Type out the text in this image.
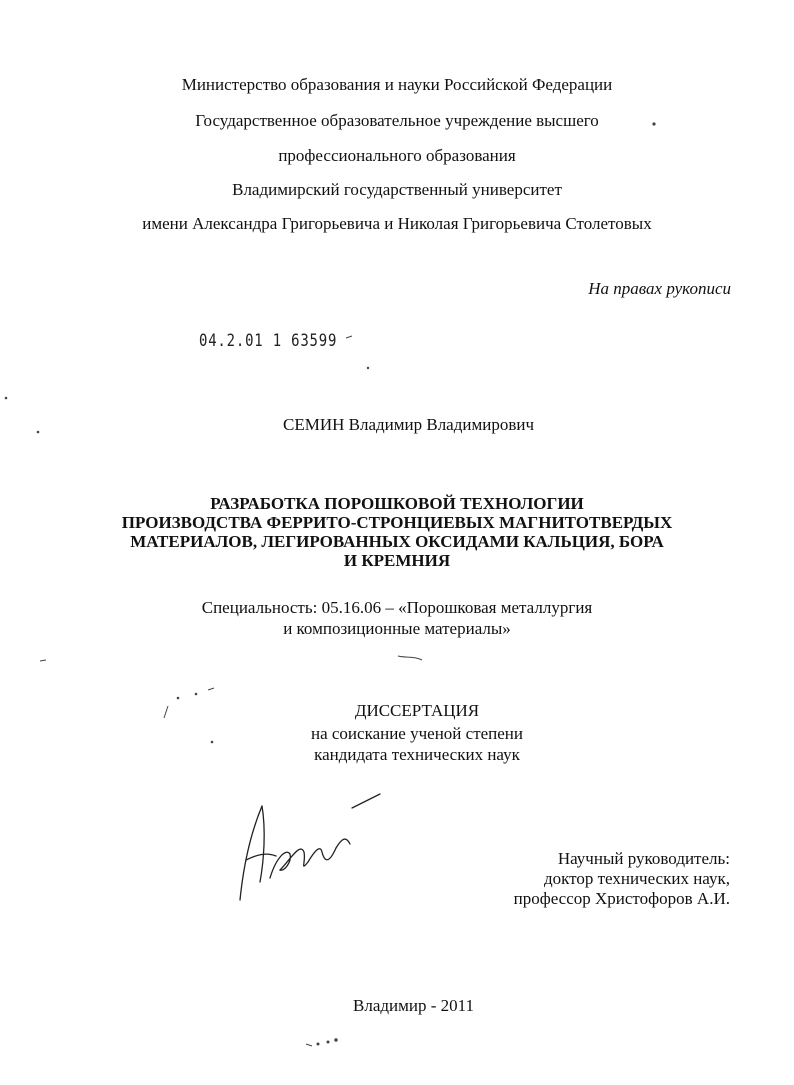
Министерство образования и науки Российской Федерации
Государственное образовательное учреждение высшего
профессионального образования
Владимирский государственный университет
имени Александра Григорьевича и Николая Григорьевича Столетовых
На правах рукописи
04.2.01 1 63599
СЕМИН Владимир Владимирович
РАЗРАБОТКА ПОРОШКОВОЙ ТЕХНОЛОГИИ
ПРОИЗВОДСТВА ФЕРРИТО-СТРОНЦИЕВЫХ МАГНИТОТВЕРДЫХ
МАТЕРИАЛОВ, ЛЕГИРОВАННЫХ ОКСИДАМИ КАЛЬЦИЯ, БОРА
И КРЕМНИЯ
Специальность: 05.16.06 – «Порошковая металлургия
и композиционные материалы»
ДИССЕРТАЦИЯ
на соискание ученой степени
кандидата технических наук
Научный руководитель:
доктор технических наук,
профессор Христофоров А.И.
Владимир - 2011
